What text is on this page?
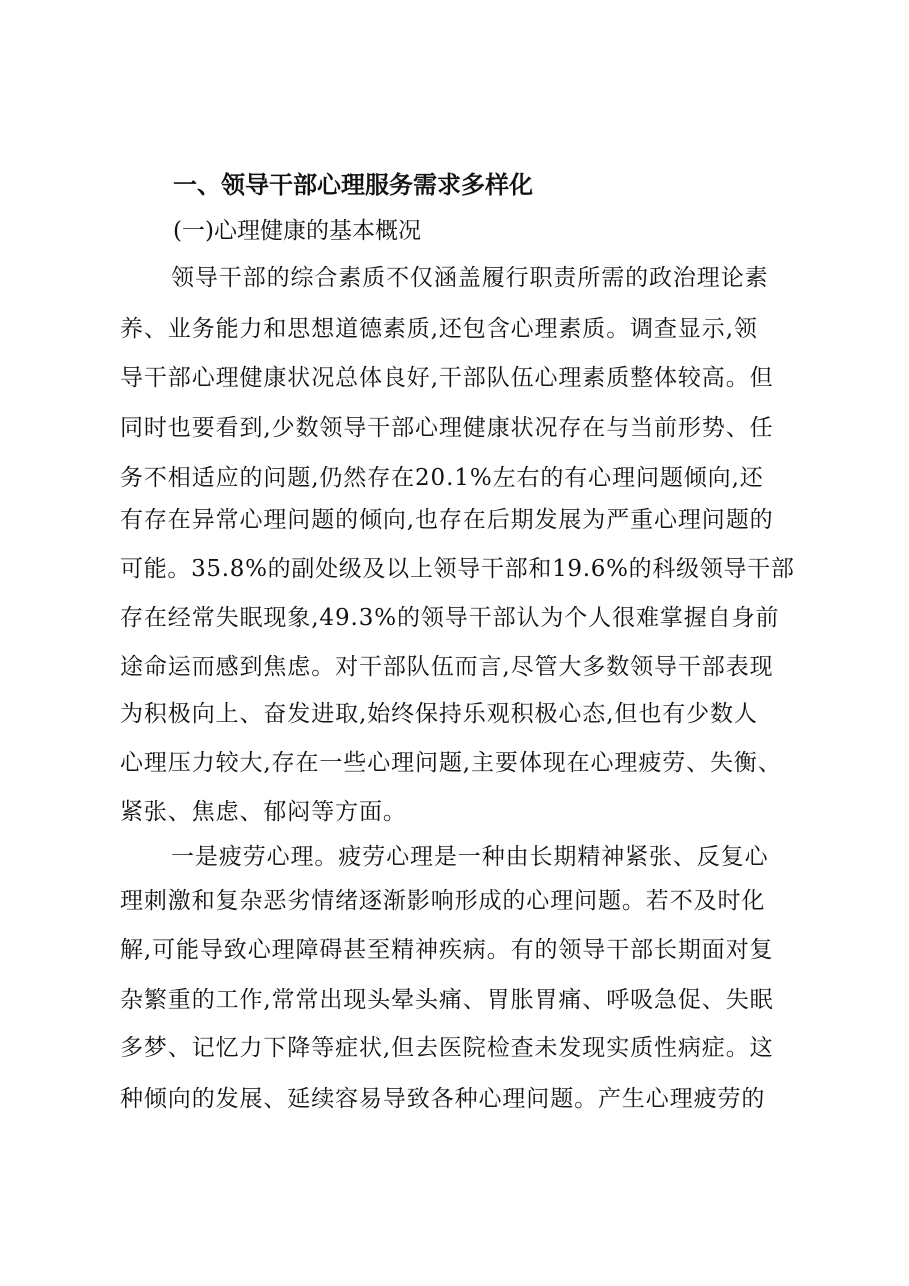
一、领导干部心理服务需求多样化
(一)心理健康的基本概况
领导干部的综合素质不仅涵盖履行职责所需的政治理论素
养、业务能力和思想道德素质,还包含心理素质。调查显示,领
导干部心理健康状况总体良好,干部队伍心理素质整体较高。但
同时也要看到,少数领导干部心理健康状况存在与当前形势、任
务不相适应的问题,仍然存在20.1%左右的有心理问题倾向,还
有存在异常心理问题的倾向,也存在后期发展为严重心理问题的
可能。35.8%的副处级及以上领导干部和19.6%的科级领导干部
存在经常失眠现象,49.3%的领导干部认为个人很难掌握自身前
途命运而感到焦虑。对干部队伍而言,尽管大多数领导干部表现
为积极向上、奋发进取,始终保持乐观积极心态,但也有少数人
心理压力较大,存在一些心理问题,主要体现在心理疲劳、失衡、
紧张、焦虑、郁闷等方面。
一是疲劳心理。疲劳心理是一种由长期精神紧张、反复心
理刺激和复杂恶劣情绪逐渐影响形成的心理问题。若不及时化
解,可能导致心理障碍甚至精神疾病。有的领导干部长期面对复
杂繁重的工作,常常出现头晕头痛、胃胀胃痛、呼吸急促、失眠
多梦、记忆力下降等症状,但去医院检查未发现实质性病症。这
种倾向的发展、延续容易导致各种心理问题。产生心理疲劳的
